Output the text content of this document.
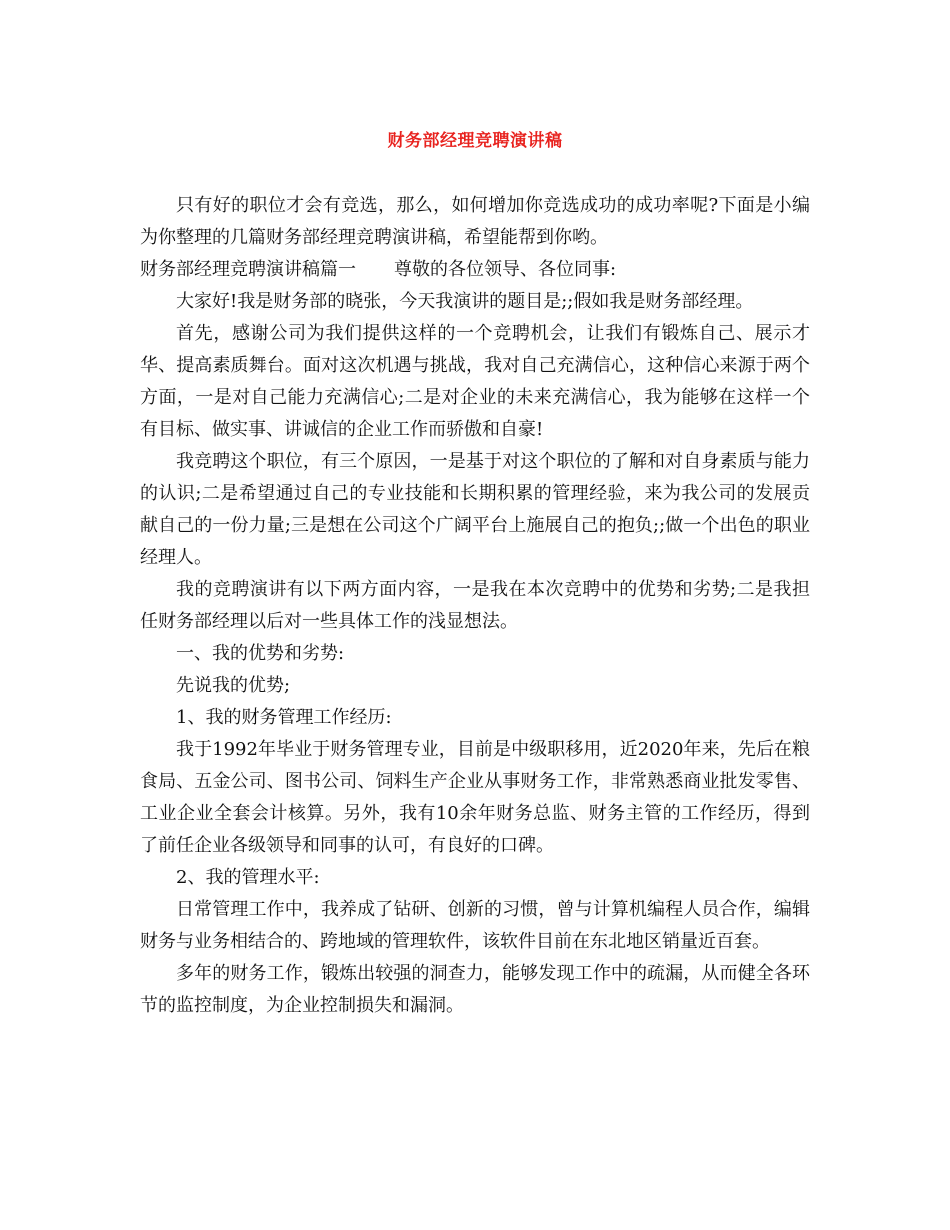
财务部经理竞聘演讲稿

只有好的职位才会有竞选，那么，如何增加你竞选成功的成功率呢?下面是小编为你整理的几篇财务部经理竞聘演讲稿，希望能帮到你哟。

财务部经理竞聘演讲稿篇一 尊敬的各位领导、各位同事:

大家好!我是财务部的晓张，今天我演讲的题目是;;假如我是财务部经理。

首先，感谢公司为我们提供这样的一个竞聘机会，让我们有锻炼自己、展示才华、提高素质舞台。面对这次机遇与挑战，我对自己充满信心，这种信心来源于两个方面，一是对自己能力充满信心;二是对企业的未来充满信心，我为能够在这样一个有目标、做实事、讲诚信的企业工作而骄傲和自豪!

我竞聘这个职位，有三个原因，一是基于对这个职位的了解和对自身素质与能力的认识;二是希望通过自己的专业技能和长期积累的管理经验，来为我公司的发展贡献自己的一份力量;三是想在公司这个广阔平台上施展自己的抱负;;做一个出色的职业经理人。

我的竞聘演讲有以下两方面内容，一是我在本次竞聘中的优势和劣势;二是我担任财务部经理以后对一些具体工作的浅显想法。

一、我的优势和劣势:

先说我的优势;

1、我的财务管理工作经历:

我于1992年毕业于财务管理专业，目前是中级职移用，近2020年来，先后在粮食局、五金公司、图书公司、饲料生产企业从事财务工作，非常熟悉商业批发零售、工业企业全套会计核算。另外，我有10余年财务总监、财务主管的工作经历，得到了前任企业各级领导和同事的认可，有良好的口碑。

2、我的管理水平:

日常管理工作中，我养成了钻研、创新的习惯，曾与计算机编程人员合作，编辑财务与业务相结合的、跨地域的管理软件，该软件目前在东北地区销量近百套。

多年的财务工作，锻炼出较强的洞查力，能够发现工作中的疏漏，从而健全各环节的监控制度，为企业控制损失和漏洞。
